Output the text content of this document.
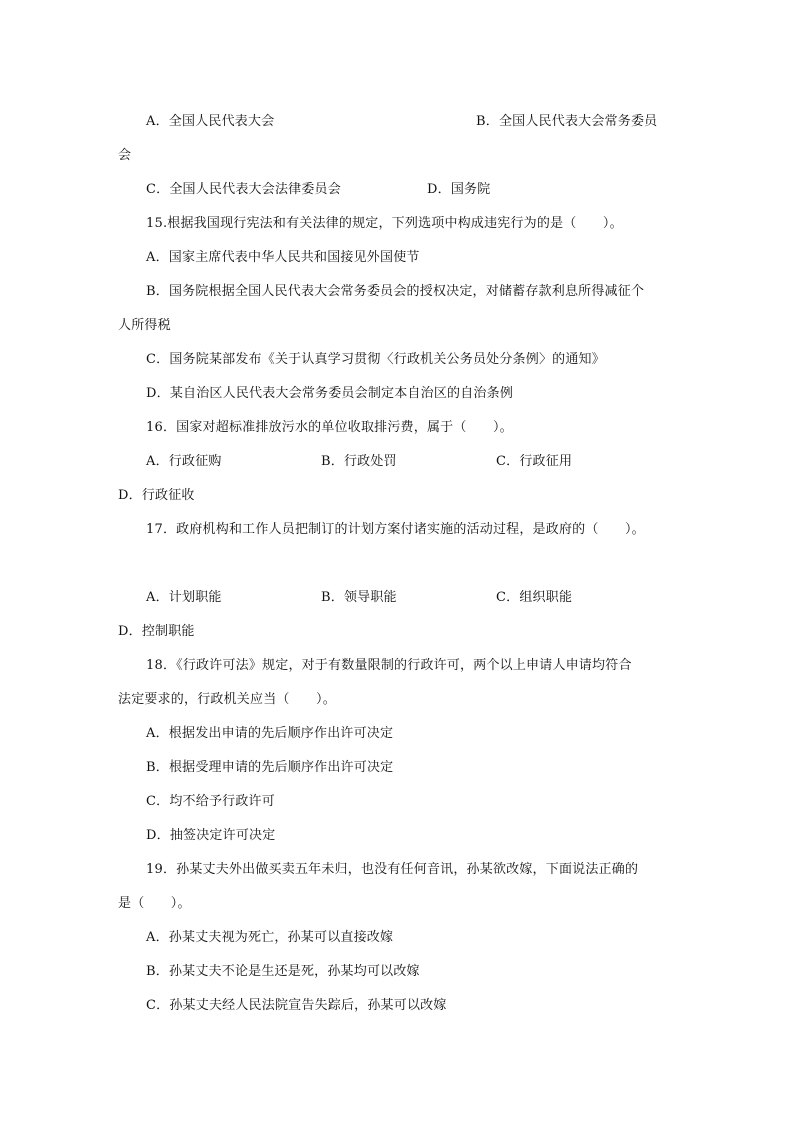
A．全国人民代表大会	B．全国人民代表大会常务委员
会
C．全国人民代表大会法律委员会	D．国务院
15.根据我国现行宪法和有关法律的规定，下列选项中构成违宪行为的是（　　）。
A．国家主席代表中华人民共和国接见外国使节
B．国务院根据全国人民代表大会常务委员会的授权决定，对储蓄存款利息所得减征个
人所得税
C．国务院某部发布《关于认真学习贯彻〈行政机关公务员处分条例〉的通知》
D．某自治区人民代表大会常务委员会制定本自治区的自治条例
16．国家对超标准排放污水的单位收取排污费，属于（　　）。
A．行政征购	B．行政处罚	C．行政征用
D．行政征收
17．政府机构和工作人员把制订的计划方案付诸实施的活动过程，是政府的（　　）。
A．计划职能	B．领导职能	C．组织职能
D．控制职能
18．《行政许可法》规定，对于有数量限制的行政许可，两个以上申请人申请均符合
法定要求的，行政机关应当（　　）。
A．根据发出申请的先后顺序作出许可决定
B．根据受理申请的先后顺序作出许可决定
C．均不给予行政许可
D．抽签决定许可决定
19．孙某丈夫外出做买卖五年未归，也没有任何音讯，孙某欲改嫁，下面说法正确的
是（　　）。
A．孙某丈夫视为死亡，孙某可以直接改嫁
B．孙某丈夫不论是生还是死，孙某均可以改嫁
C．孙某丈夫经人民法院宣告失踪后，孙某可以改嫁
